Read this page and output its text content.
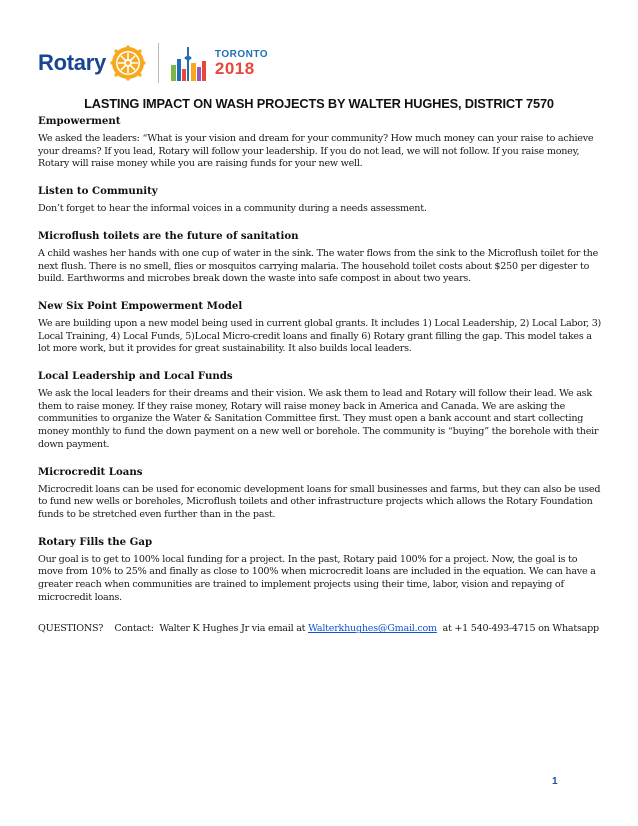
Rotary	TORONTO
2018
LASTING IMPACT ON WASH PROJECTS BY WALTER HUGHES, DISTRICT 7570
Empowerment

We asked the leaders: “What is your vision and dream for your community? How much money can your raise to achieve your dreams? If you lead, Rotary will follow your leadership. If you do not lead, we will not follow. If you raise money, Rotary will raise money while you are raising funds for your new well.

Listen to Community

Don’t forget to hear the informal voices in a community during a needs assessment.

Microflush toilets are the future of sanitation

A child washes her hands with one cup of water in the sink. The water flows from the sink to the Microflush toilet for the next flush. There is no smell, flies or mosquitos carrying malaria. The household toilet costs about $250 per digester to build. Earthworms and microbes break down the waste into safe compost in about two years.

New Six Point Empowerment Model

We are building upon a new model being used in current global grants. It includes 1) Local Leadership, 2) Local Labor, 3) Local Training, 4) Local Funds, 5)Local Micro-credit loans and finally 6) Rotary grant filling the gap. This model takes a lot more work, but it provides for great sustainability. It also builds local leaders.

Local Leadership and Local Funds

We ask the local leaders for their dreams and their vision. We ask them to lead and Rotary will follow their lead. We ask them to raise money. If they raise money, Rotary will raise money back in America and Canada. We are asking the communities to organize the Water & Sanitation Committee first. They must open a bank account and start collecting money monthly to fund the down payment on a new well or borehole. The community is “buying” the borehole with their down payment.

Microcredit Loans

Microcredit loans can be used for economic development loans for small businesses and farms, but they can also be used to fund new wells or boreholes, Microflush toilets and other infrastructure projects which allows the Rotary Foundation funds to be stretched even further than in the past.

Rotary Fills the Gap

Our goal is to get to 100% local funding for a project. In the past, Rotary paid 100% for a project. Now, the goal is to move from 10% to 25% and finally as close to 100% when microcredit loans are included in the equation. We can have a greater reach when communities are trained to implement projects using their time, labor, vision and repaying of microcredit loans.

QUESTIONS?    Contact:  Walter K Hughes Jr via email at Walterkhughes@Gmail.com  at +1 540-493-4715 on Whatsapp

1
